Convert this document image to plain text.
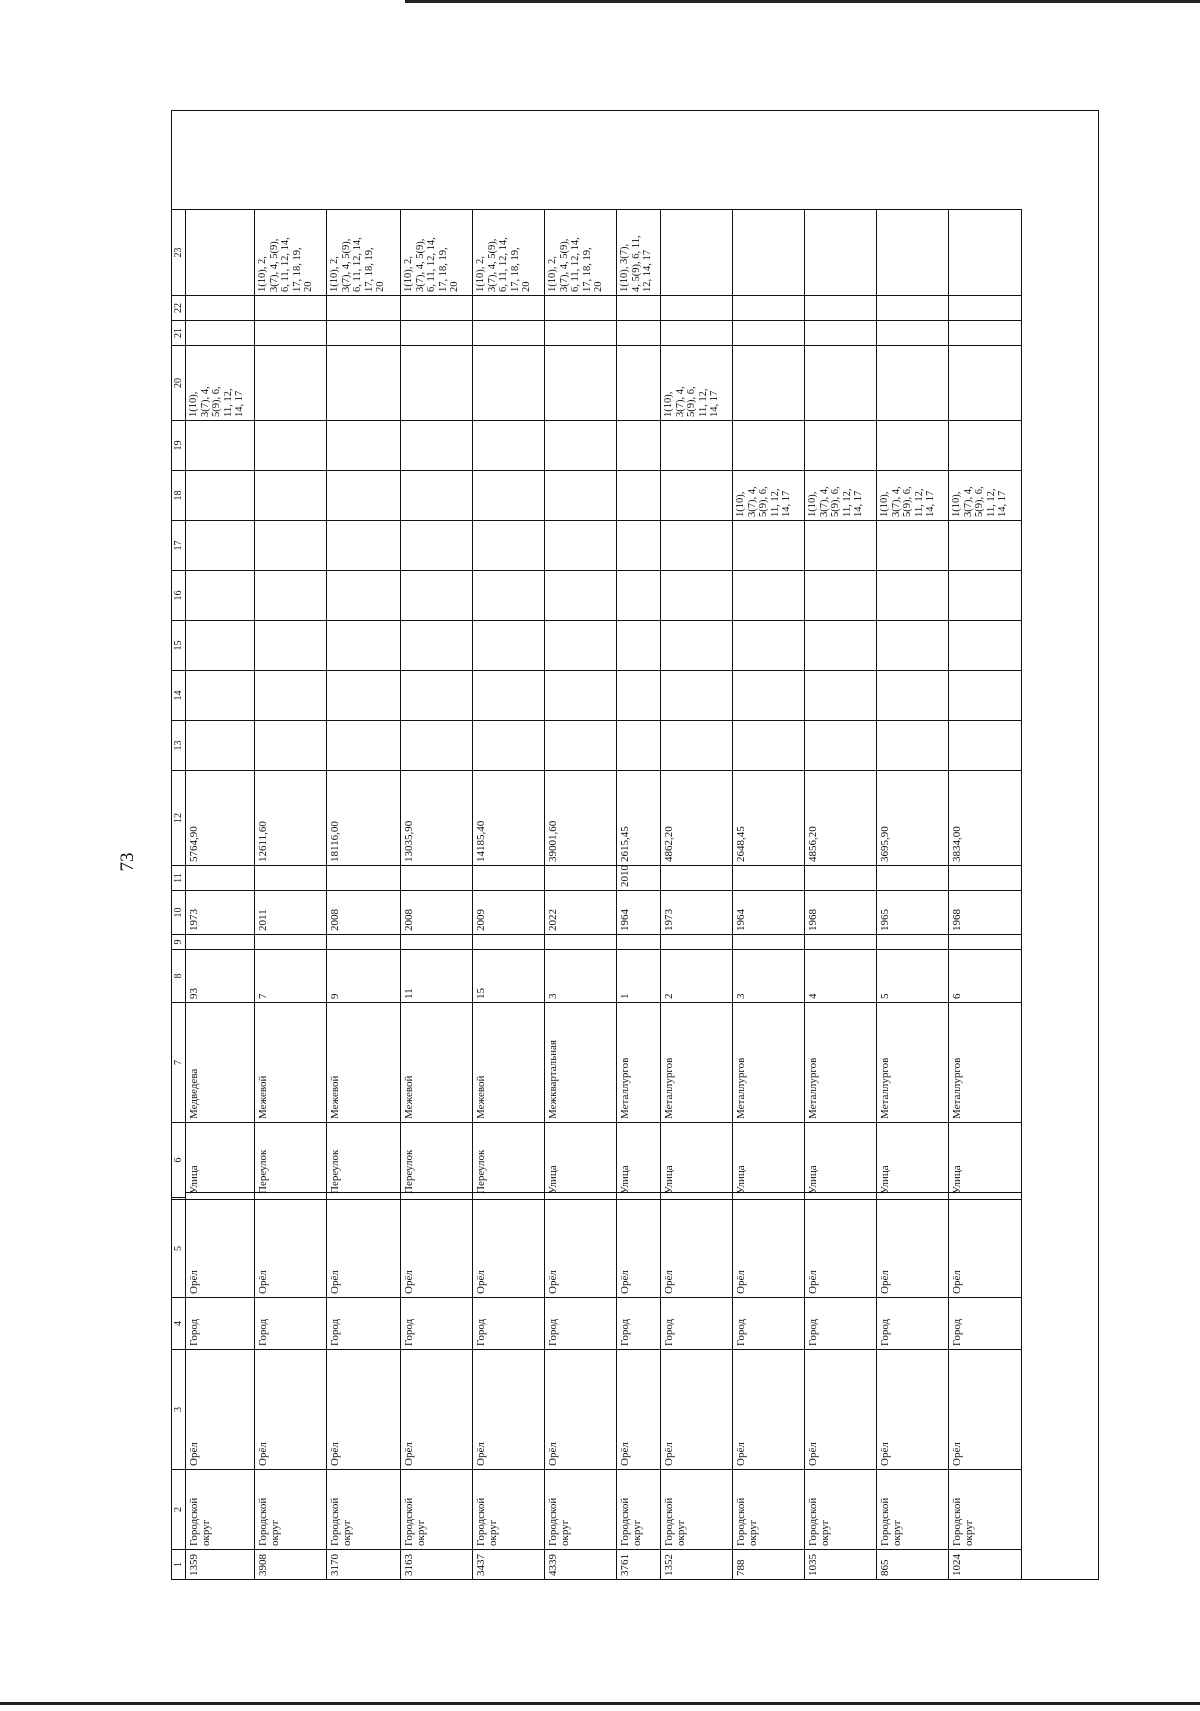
73
1
2
3
4
5
.
6
7
8
9
10
11
12
13
14
15
16
17
18
19
20
21
22
23
1359
Городской округ
Орёл
Город
Орёл
Улица
Медведева
93
1973
5764,90
1(10),
3(7), 4,
5(9), 6,
11, 12,
14, 17
3908
Городской округ
Орёл
Город
Орёл
Переулок
Межевой
7
2011
12611,60
1(10), 2,
3(7), 4, 5(9),
6, 11, 12, 14,
17, 18, 19,
20
3170
Городской округ
Орёл
Город
Орёл
Переулок
Межевой
9
2008
18116,00
1(10), 2,
3(7), 4, 5(9),
6, 11, 12, 14,
17, 18, 19,
20
3163
Городской округ
Орёл
Город
Орёл
Переулок
Межевой
11
2008
13035,90
1(10), 2,
3(7), 4, 5(9),
6, 11, 12, 14,
17, 18, 19,
20
3437
Городской округ
Орёл
Город
Орёл
Переулок
Межевой
15
2009
14185,40
1(10), 2,
3(7), 4, 5(9),
6, 11, 12, 14,
17, 18, 19,
20
4339
Городской округ
Орёл
Город
Орёл
Улица
Межквартальная
3
2022
39001,60
1(10), 2,
3(7), 4, 5(9),
6, 11, 12, 14,
17, 18, 19,
20
3761
Городской округ
Орёл
Город
Орёл
Улица
Металлургов
1
1964
2010
2615,45
1(10), 3(7),
4, 5(9), 6, 11,
12, 14, 17
1352
Городской округ
Орёл
Город
Орёл
Улица
Металлургов
2
1973
4862,20
1(10),
3(7), 4,
5(9), 6,
11, 12,
14, 17
788
Городской округ
Орёл
Город
Орёл
Улица
Металлургов
3
1964
2648,45
1(10),
3(7), 4,
5(9), 6,
11, 12,
14, 17
1035
Городской округ
Орёл
Город
Орёл
Улица
Металлургов
4
1968
4856,20
1(10),
3(7), 4,
5(9), 6,
11, 12,
14, 17
865
Городской округ
Орёл
Город
Орёл
Улица
Металлургов
5
1965
3695,90
1(10),
3(7), 4,
5(9), 6,
11, 12,
14, 17
1024
Городской округ
Орёл
Город
Орёл
Улица
Металлургов
6
1968
3834,00
1(10),
3(7), 4,
5(9), 6,
11, 12,
14, 17
